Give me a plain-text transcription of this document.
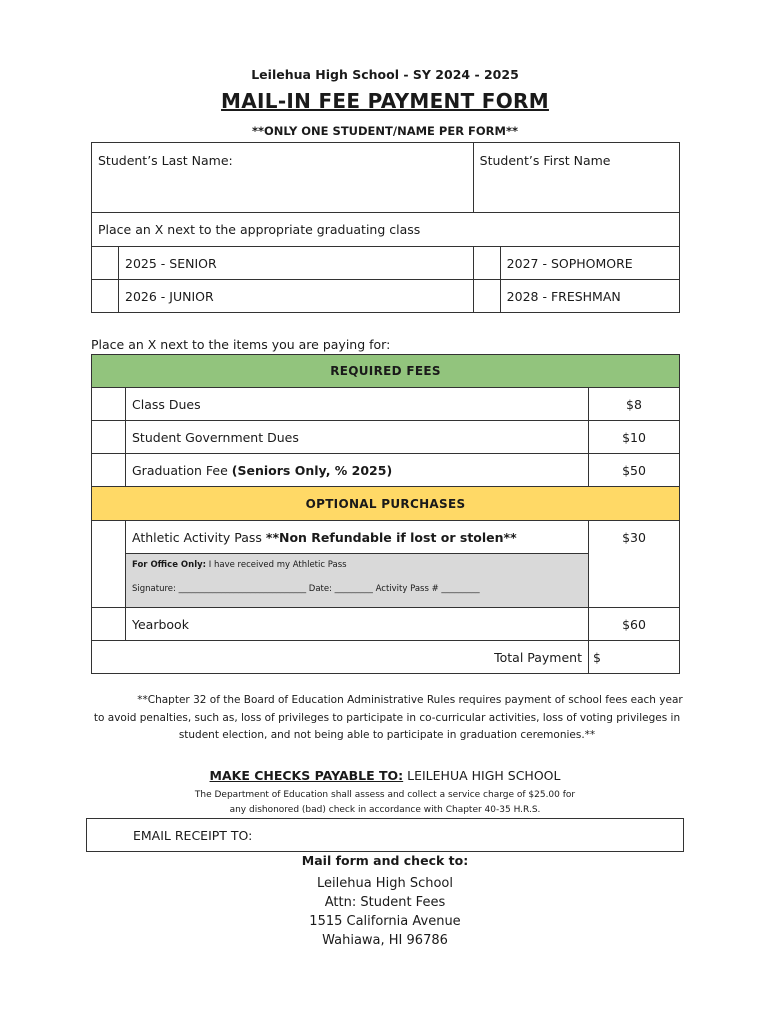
Leilehua High School - SY 2024 - 2025
MAIL-IN FEE PAYMENT FORM
**ONLY ONE STUDENT/NAME PER FORM**
Student’s Last Name:		Student’s First Name	
Place an X next to the appropriate graduating class			
	2025 - SENIOR		2027 - SOPHOMORE
	2026 - JUNIOR		2028 - FRESHMAN
Place an X next to the items you are paying for:
REQUIRED FEES		
	Class Dues	$8
	Student Government Dues	$10
	Graduation Fee (Seniors Only, % 2025)	$50
OPTIONAL PURCHASES		
	Athletic Activity Pass **Non Refundable if lost or stolen**	$30

	For Office Only: I have received my Athletic Pass
Signature: ______________________________ Date: _________ Activity Pass # _________	

	Yearbook	$60
Total Payment		$
**Chapter 32 of the Board of Education Administrative Rules requires payment of school fees each year to avoid penalties, such as, loss of privileges to participate in co-curricular activities, loss of voting privileges in student election, and not being able to participate in graduation ceremonies.**
MAKE CHECKS PAYABLE TO: LEILEHUA HIGH SCHOOL
The Department of Education shall assess and collect a service charge of $25.00 for
any dishonored (bad) check in accordance with Chapter 40-35 H.R.S.
EMAIL RECEIPT TO:
Mail form and check to:
Leilehua High School
Attn: Student Fees
1515 California Avenue
Wahiawa, HI 96786
